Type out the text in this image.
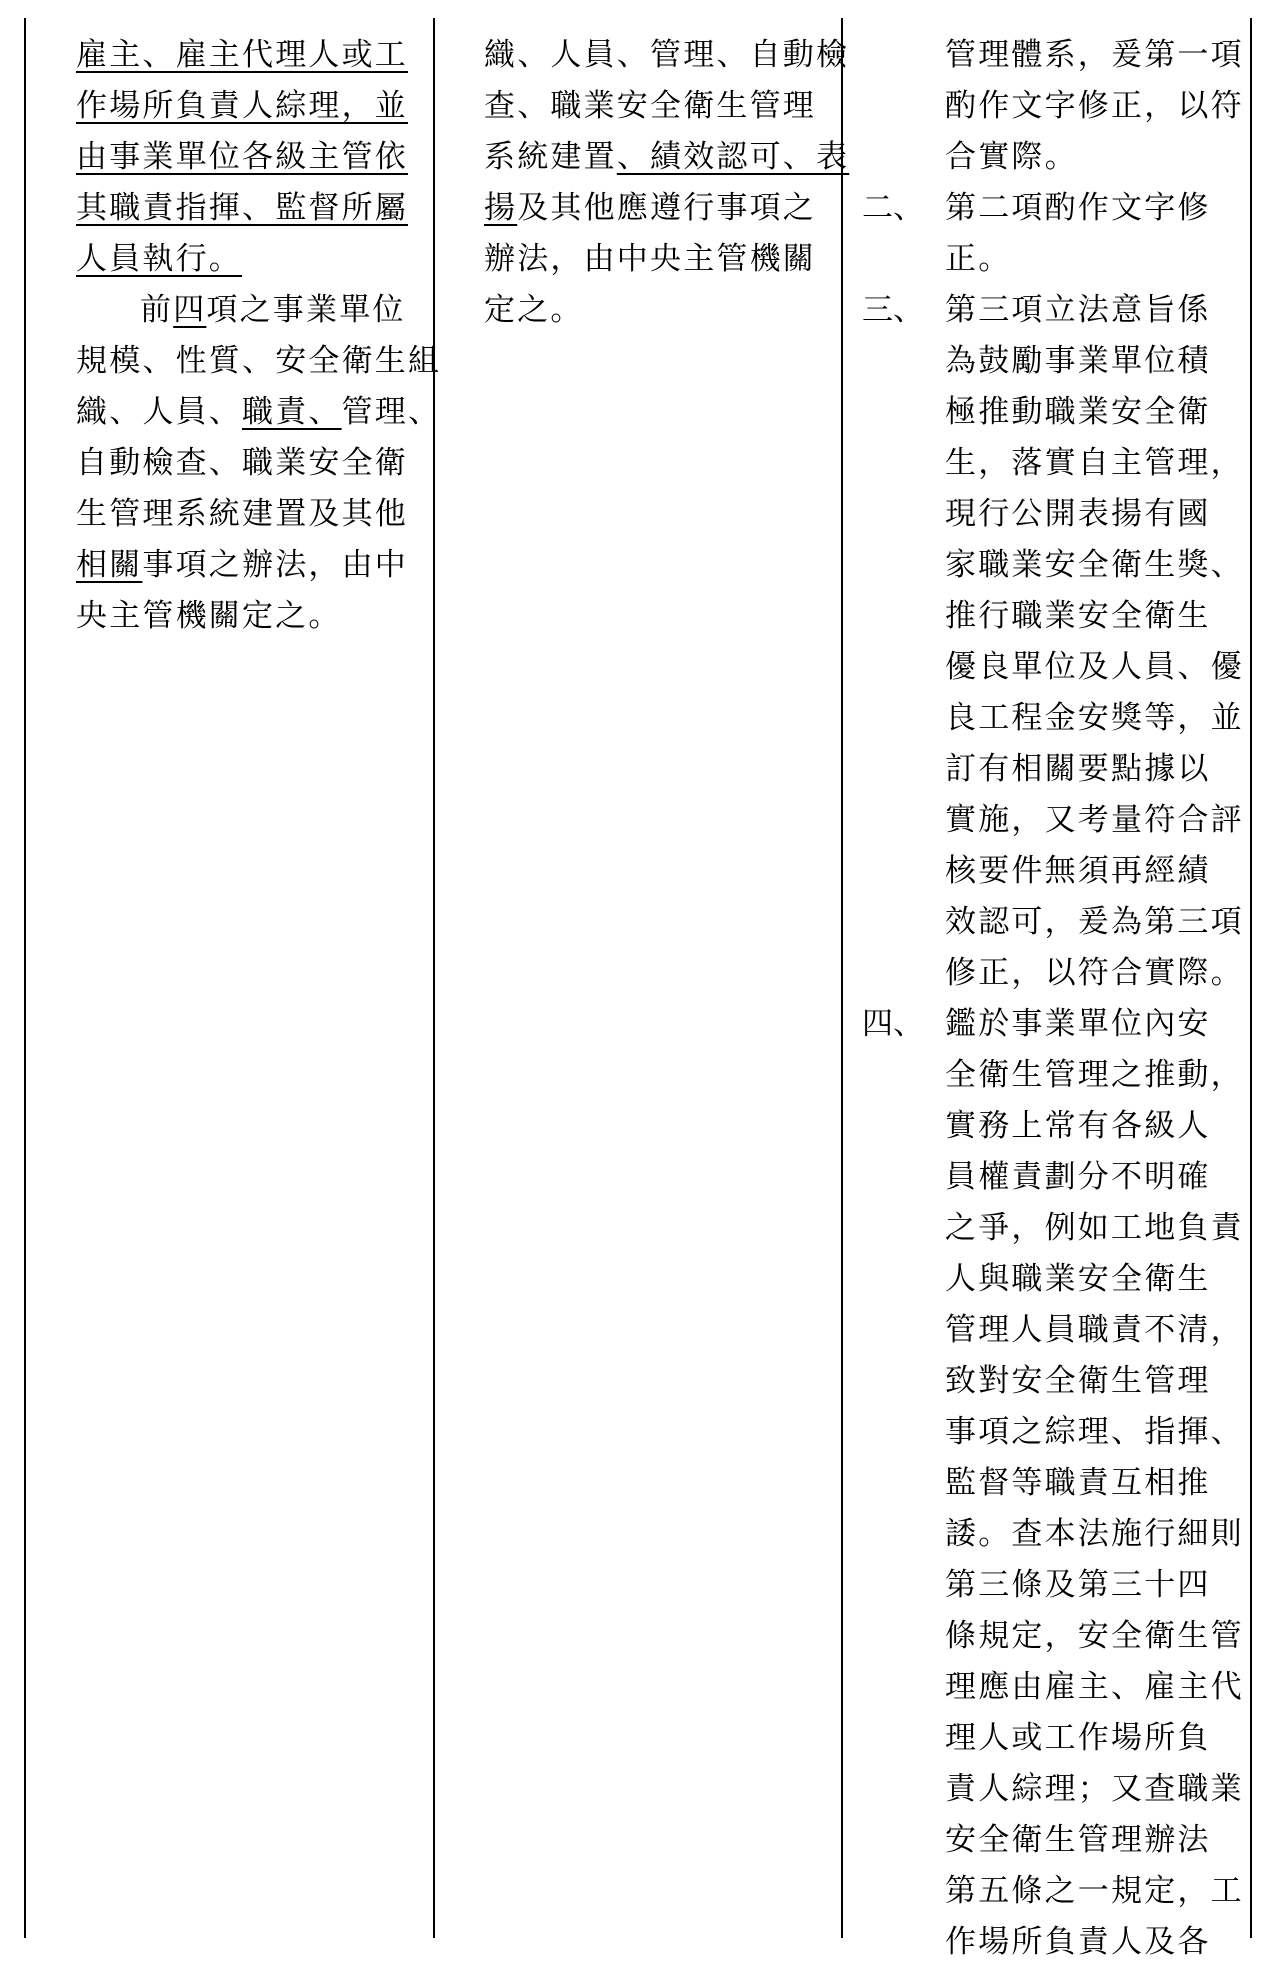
雇主、雇主代理人或工
作場所負責人綜理，並
由事業單位各級主管依
其職責指揮、監督所屬
人員執行。
前四項之事業單位
規模、性質、安全衛生組
織、人員、職責、管理、
自動檢查、職業安全衛
生管理系統建置及其他
相關事項之辦法，由中
央主管機關定之。
織、人員、管理、自動檢
查、職業安全衛生管理
系統建置、績效認可、表
揚及其他應遵行事項之
辦法，由中央主管機關
定之。
管理體系，爰第一項
酌作文字修正，以符
合實際。
二、 第二項酌作文字修
正。
三、 第三項立法意旨係
為鼓勵事業單位積
極推動職業安全衛
生，落實自主管理，
現行公開表揚有國
家職業安全衛生獎、
推行職業安全衛生
優良單位及人員、優
良工程金安獎等，並
訂有相關要點據以
實施，又考量符合評
核要件無須再經績
效認可，爰為第三項
修正，以符合實際。
四、 鑑於事業單位內安
全衛生管理之推動，
實務上常有各級人
員權責劃分不明確
之爭，例如工地負責
人與職業安全衛生
管理人員職責不清，
致對安全衛生管理
事項之綜理、指揮、
監督等職責互相推
諉。查本法施行細則
第三條及第三十四
條規定，安全衛生管
理應由雇主、雇主代
理人或工作場所負
責人綜理；又查職業
安全衛生管理辦法
第五條之一規定，工
作場所負責人及各
